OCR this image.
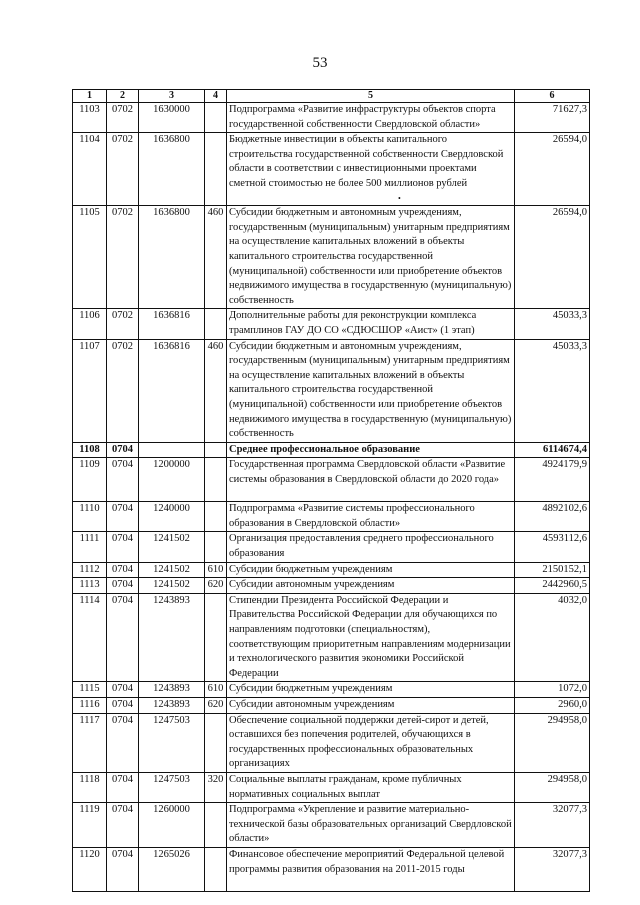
53
1	2	3	4	5	6
1103	0702	1630000		Подпрограмма «Развитие инфраструктуры объектов спорта государственной собственности Свердловской области»	71627,3
1104	0702	1636800		Бюджетные инвестиции в объекты капитального строительства государственной собственности Свердловской области в соответствии с инвестиционными проектами сметной стоимостью не более 500 миллионов рублей	26594,0
1105	0702	1636800	460	Субсидии бюджетным и автономным учреждениям, государственным (муниципальным) унитарным предприятиям на осуществление капитальных вложений в объекты капитального строительства государственной (муниципальной) собственности или приобретение объектов недвижимого имущества в государственную (муниципальную) собственность	26594,0
1106	0702	1636816		Дополнительные работы для реконструкции комплекса трамплинов ГАУ ДО СО «СДЮСШОР «Аист» (1 этап)	45033,3
1107	0702	1636816	460	Субсидии бюджетным и автономным учреждениям, государственным (муниципальным) унитарным предприятиям на осуществление капитальных вложений в объекты капитального строительства государственной (муниципальной) собственности или приобретение объектов недвижимого имущества в государственную (муниципальную) собственность	45033,3
1108	0704			Среднее профессиональное образование	6114674,4
1109	0704	1200000		Государственная программа Свердловской области «Развитие системы образования в Свердловской области до 2020 года»	4924179,9
1110	0704	1240000		Подпрограмма «Развитие системы профессионального образования в Свердловской области»	4892102,6
1111	0704	1241502		Организация предоставления среднего профессионального образования	4593112,6
1112	0704	1241502	610	Субсидии бюджетным учреждениям	2150152,1
1113	0704	1241502	620	Субсидии автономным учреждениям	2442960,5
1114	0704	1243893		Стипендии Президента Российской Федерации и Правительства Российской Федерации для обучающихся по направлениям подготовки (специальностям), соответствующим приоритетным направлениям модернизации и технологического развития экономики Российской Федерации	4032,0
1115	0704	1243893	610	Субсидии бюджетным учреждениям	1072,0
1116	0704	1243893	620	Субсидии автономным учреждениям	2960,0
1117	0704	1247503		Обеспечение социальной поддержки детей-сирот и детей, оставшихся без попечения родителей, обучающихся в государственных профессиональных образовательных организациях	294958,0
1118	0704	1247503	320	Социальные выплаты гражданам, кроме публичных нормативных социальных выплат	294958,0
1119	0704	1260000		Подпрограмма «Укрепление и развитие материально-технической базы образовательных организаций Свердловской области»	32077,3
1120	0704	1265026		Финансовое обеспечение мероприятий Федеральной целевой программы развития образования на 2011-2015 годы	32077,3
•
